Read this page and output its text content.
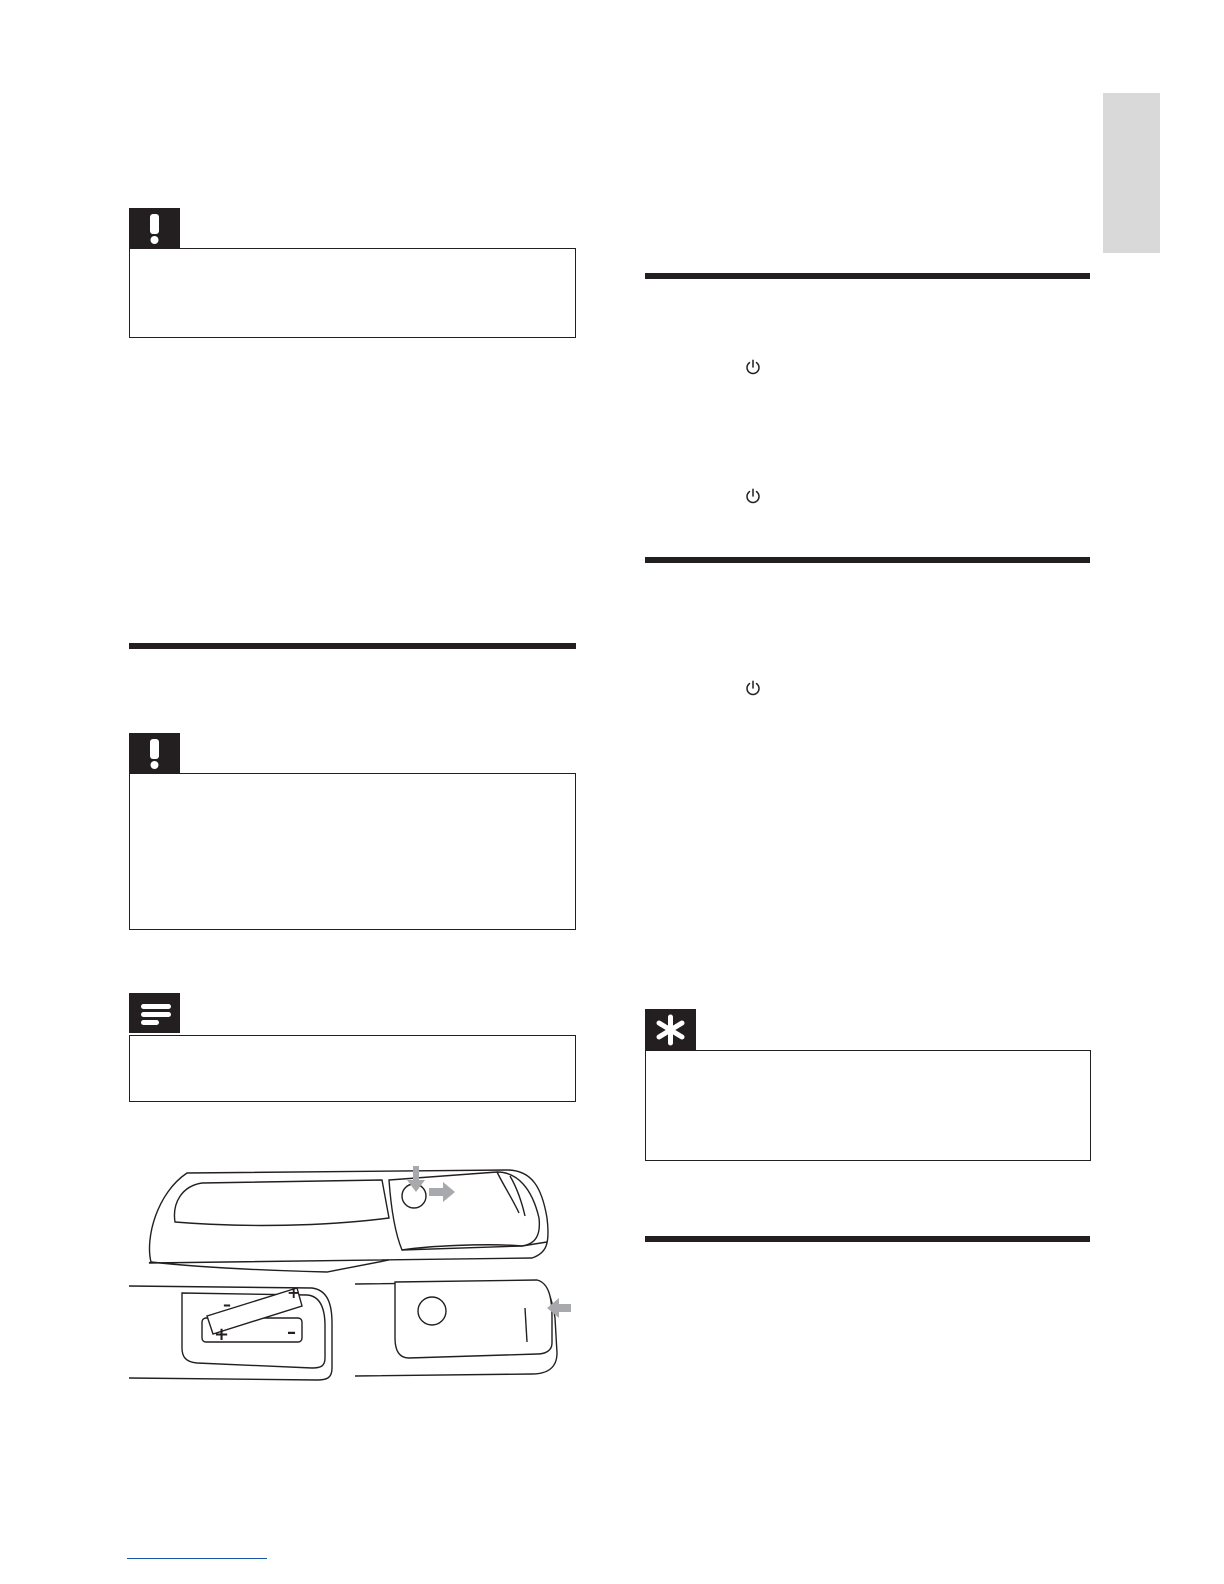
+	–
–
+
